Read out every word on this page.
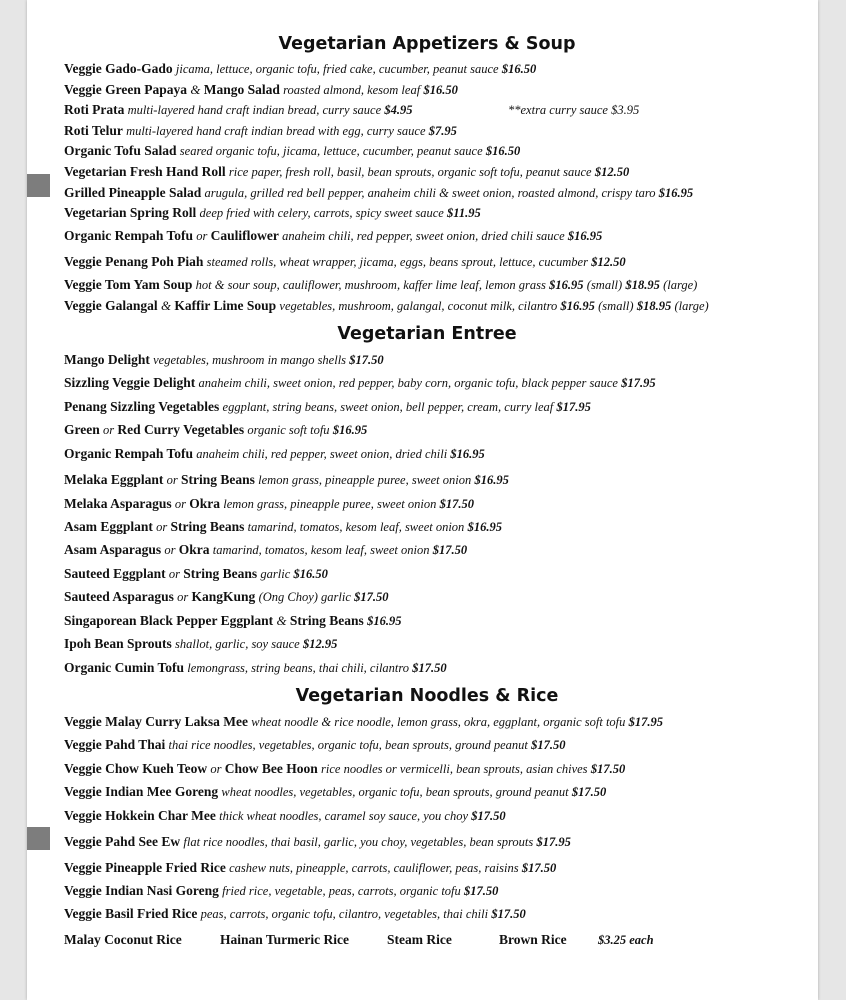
Vegetarian Appetizers & Soup
Veggie Gado-Gado jicama, lettuce, organic tofu, fried cake, cucumber, peanut sauce $16.50
Veggie Green Papaya & Mango Salad roasted almond, kesom leaf $16.50
Roti Prata multi-layered hand craft indian bread, curry sauce $4.95	**extra curry sauce $3.95
Roti Telur multi-layered hand craft indian bread with egg, curry sauce $7.95
Organic Tofu Salad seared organic tofu, jicama, lettuce, cucumber, peanut sauce $16.50
Vegetarian Fresh Hand Roll rice paper, fresh roll, basil, bean sprouts, organic soft tofu, peanut sauce $12.50
Grilled Pineapple Salad arugula, grilled red bell pepper, anaheim chili & sweet onion, roasted almond, crispy taro $16.95
Vegetarian Spring Roll deep fried with celery, carrots, spicy sweet sauce $11.95
Organic Rempah Tofu or Cauliflower anaheim chili, red pepper, sweet onion, dried chili sauce $16.95
Veggie Penang Poh Piah steamed rolls, wheat wrapper, jicama, eggs, beans sprout, lettuce, cucumber $12.50
Veggie Tom Yam Soup hot & sour soup, cauliflower, mushroom, kaffer lime leaf, lemon grass $16.95 (small) $18.95 (large)
Veggie Galangal & Kaffir Lime Soup vegetables, mushroom, galangal, coconut milk, cilantro $16.95 (small) $18.95 (large)
Vegetarian Entree
Mango Delight vegetables, mushroom in mango shells $17.50
Sizzling Veggie Delight anaheim chili, sweet onion, red pepper, baby corn, organic tofu, black pepper sauce $17.95
Penang Sizzling Vegetables eggplant, string beans, sweet onion, bell pepper, cream, curry leaf $17.95
Green or Red Curry Vegetables organic soft tofu $16.95
Organic Rempah Tofu anaheim chili, red pepper, sweet onion, dried chili $16.95
Melaka Eggplant or String Beans lemon grass, pineapple puree, sweet onion $16.95
Melaka Asparagus or Okra lemon grass, pineapple puree, sweet onion $17.50
Asam Eggplant or String Beans tamarind, tomatos, kesom leaf, sweet onion $16.95
Asam Asparagus or Okra tamarind, tomatos, kesom leaf, sweet onion $17.50
Sauteed Eggplant or String Beans garlic $16.50
Sauteed Asparagus or KangKung (Ong Choy) garlic $17.50
Singaporean Black Pepper Eggplant & String Beans $16.95
Ipoh Bean Sprouts shallot, garlic, soy sauce $12.95
Organic Cumin Tofu lemongrass, string beans, thai chili, cilantro $17.50
Vegetarian Noodles & Rice
Veggie Malay Curry Laksa Mee wheat noodle & rice noodle, lemon grass, okra, eggplant, organic soft tofu $17.95
Veggie Pahd Thai thai rice noodles, vegetables, organic tofu, bean sprouts, ground peanut $17.50
Veggie Chow Kueh Teow or Chow Bee Hoon rice noodles or vermicelli, bean sprouts, asian chives $17.50
Veggie Indian Mee Goreng wheat noodles, vegetables, organic tofu, bean sprouts, ground peanut $17.50
Veggie Hokkein Char Mee thick wheat noodles, caramel soy sauce, you choy $17.50
Veggie Pahd See Ew flat rice noodles, thai basil, garlic, you choy, vegetables, bean sprouts $17.95
Veggie Pineapple Fried Rice cashew nuts, pineapple, carrots, cauliflower, peas, raisins $17.50
Veggie Indian Nasi Goreng fried rice, vegetable, peas, carrots, organic tofu $17.50
Veggie Basil Fried Rice peas, carrots, organic tofu, cilantro, vegetables, thai chili $17.50
Malay Coconut Rice	Hainan Turmeric Rice	Steam Rice	Brown Rice	$3.25 each
